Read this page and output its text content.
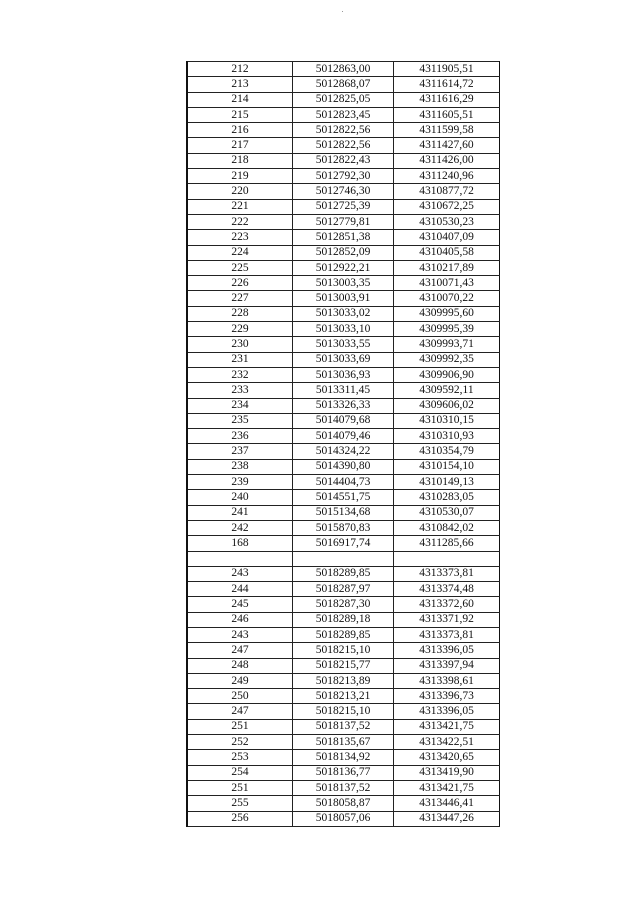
212	5012863,00	4311905,51
213	5012868,07	4311614,72
214	5012825,05	4311616,29
215	5012823,45	4311605,51
216	5012822,56	4311599,58
217	5012822,56	4311427,60
218	5012822,43	4311426,00
219	5012792,30	4311240,96
220	5012746,30	4310877,72
221	5012725,39	4310672,25
222	5012779,81	4310530,23
223	5012851,38	4310407,09
224	5012852,09	4310405,58
225	5012922,21	4310217,89
226	5013003,35	4310071,43
227	5013003,91	4310070,22
228	5013033,02	4309995,60
229	5013033,10	4309995,39
230	5013033,55	4309993,71
231	5013033,69	4309992,35
232	5013036,93	4309906,90
233	5013311,45	4309592,11
234	5013326,33	4309606,02
235	5014079,68	4310310,15
236	5014079,46	4310310,93
237	5014324,22	4310354,79
238	5014390,80	4310154,10
239	5014404,73	4310149,13
240	5014551,75	4310283,05
241	5015134,68	4310530,07
242	5015870,83	4310842,02
168	5016917,74	4311285,66

243	5018289,85	4313373,81
244	5018287,97	4313374,48
245	5018287,30	4313372,60
246	5018289,18	4313371,92
243	5018289,85	4313373,81
247	5018215,10	4313396,05
248	5018215,77	4313397,94
249	5018213,89	4313398,61
250	5018213,21	4313396,73
247	5018215,10	4313396,05
251	5018137,52	4313421,75
252	5018135,67	4313422,51
253	5018134,92	4313420,65
254	5018136,77	4313419,90
251	5018137,52	4313421,75
255	5018058,87	4313446,41
256	5018057,06	4313447,26
